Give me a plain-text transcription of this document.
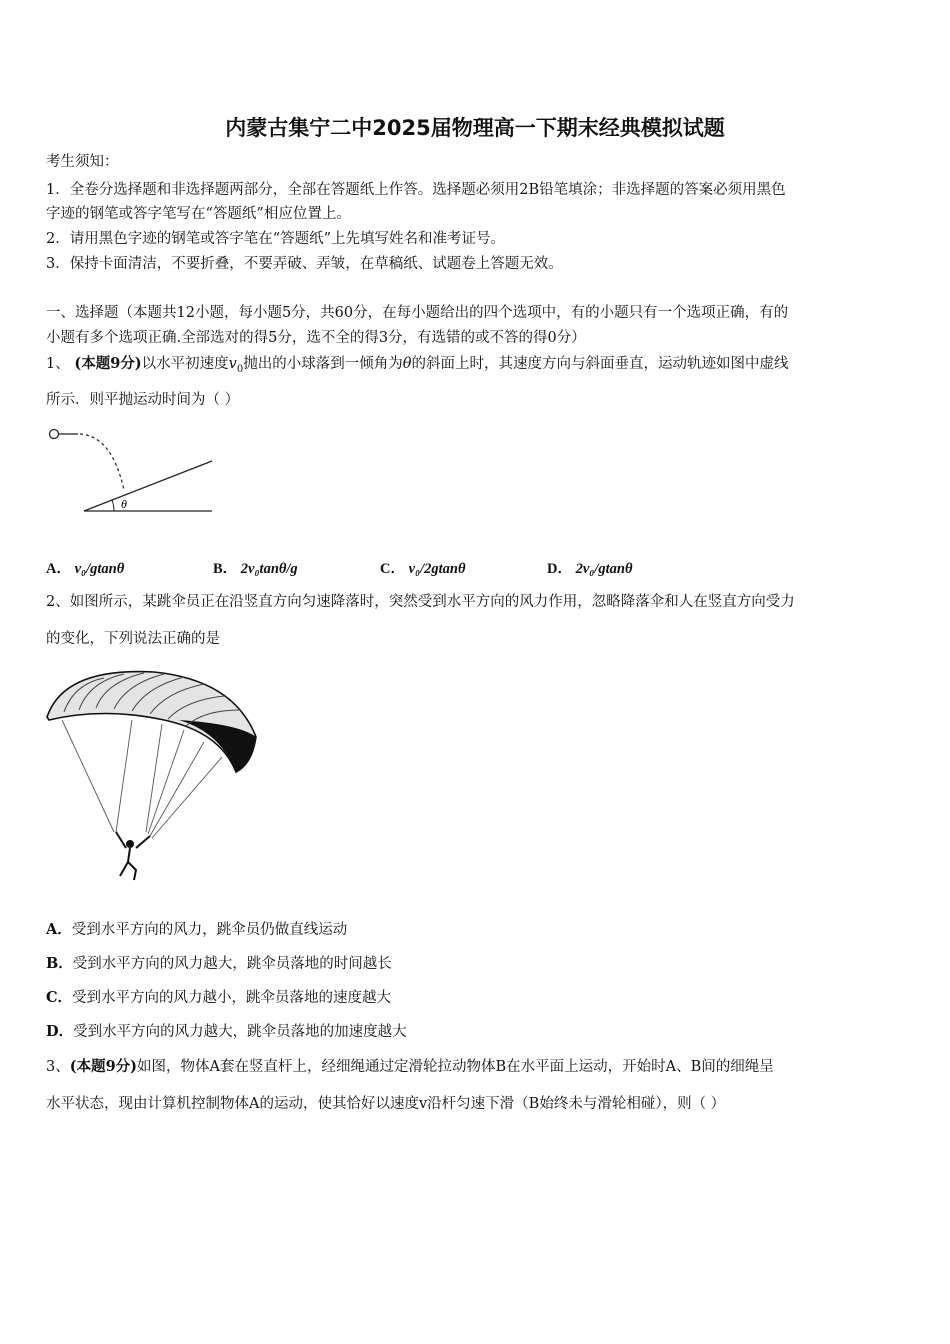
内蒙古集宁二中2025届物理高一下期末经典模拟试题
考生须知：
1．全卷分选择题和非选择题两部分，全部在答题纸上作答。选择题必须用2B铅笔填涂；非选择题的答案必须用黑色
字迹的钢笔或答字笔写在“答题纸”相应位置上。
2．请用黑色字迹的钢笔或答字笔在“答题纸”上先填写姓名和准考证号。
3．保持卡面清洁，不要折叠，不要弄破、弄皱，在草稿纸、试题卷上答题无效。
一、选择题（本题共12小题，每小题5分，共60分，在每小题给出的四个选项中，有的小题只有一个选项正确，有的
小题有多个选项正确.全部选对的得5分，选不全的得3分，有选错的或不答的得0分）
1、 (本题9分)以水平初速度$v_0$抛出的小球落到一倾角为θ的斜面上时，其速度方向与斜面垂直，运动轨迹如图中虚线
所示．则平抛运动时间为（ ）
θ
A． v₀/gtanθ	B． 2v₀tanθ/g	C． v₀/2gtanθ	D． 2v₀/gtanθ
2、如图所示，某跳伞员正在沿竖直方向匀速降落时，突然受到水平方向的风力作用，忽略降落伞和人在竖直方向受力
的变化，下列说法正确的是
A．受到水平方向的风力，跳伞员仍做直线运动
B．受到水平方向的风力越大，跳伞员落地的时间越长
C．受到水平方向的风力越小，跳伞员落地的速度越大
D．受到水平方向的风力越大，跳伞员落地的加速度越大
3、(本题9分)如图，物体A套在竖直杆上，经细绳通过定滑轮拉动物体B在水平面上运动，开始时A、B间的细绳呈
水平状态，现由计算机控制物体A的运动，使其恰好以速度v沿杆匀速下滑（B始终未与滑轮相碰），则（ ）
